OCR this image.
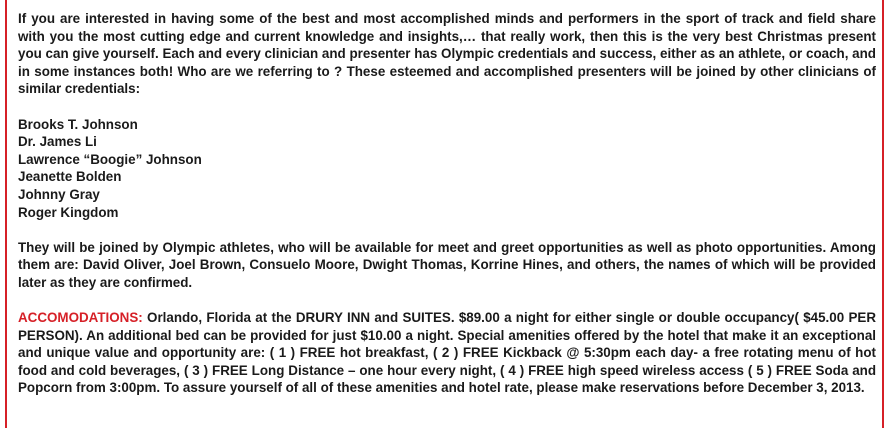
If you are interested in having some of the best and most accomplished minds and performers in the sport of track and field share with you the most cutting edge and current knowledge and insights,… that really work, then this is the very best Christmas present you can give yourself. Each and every clinician and presenter has Olympic credentials and success, either as an athlete, or coach, and in some instances both! Who are we referring to ? These esteemed and accomplished presenters will be joined by other clinicians of similar credentials:

Brooks T. Johnson
Dr. James Li
Lawrence “Boogie” Johnson
Jeanette Bolden
Johnny Gray
Roger Kingdom

They will be joined by Olympic athletes, who will be available for meet and greet opportunities as well as photo opportunities. Among them are: David Oliver, Joel Brown, Consuelo Moore, Dwight Thomas, Korrine Hines, and others, the names of which will be provided later as they are confirmed.

ACCOMODATIONS: Orlando, Florida at the DRURY INN and SUITES. $89.00 a night for either single or double occupancy( $45.00 PER PERSON). An additional bed can be provided for just $10.00 a night. Special amenities offered by the hotel that make it an exceptional and unique value and opportunity are: ( 1 ) FREE hot breakfast, ( 2 ) FREE Kickback @ 5:30pm each day- a free rotating menu of hot food and cold beverages, ( 3 ) FREE Long Distance – one hour every night, ( 4 ) FREE high speed wireless access ( 5 ) FREE Soda and Popcorn from 3:00pm. To assure yourself of all of these amenities and hotel rate, please make reservations before December 3, 2013.
